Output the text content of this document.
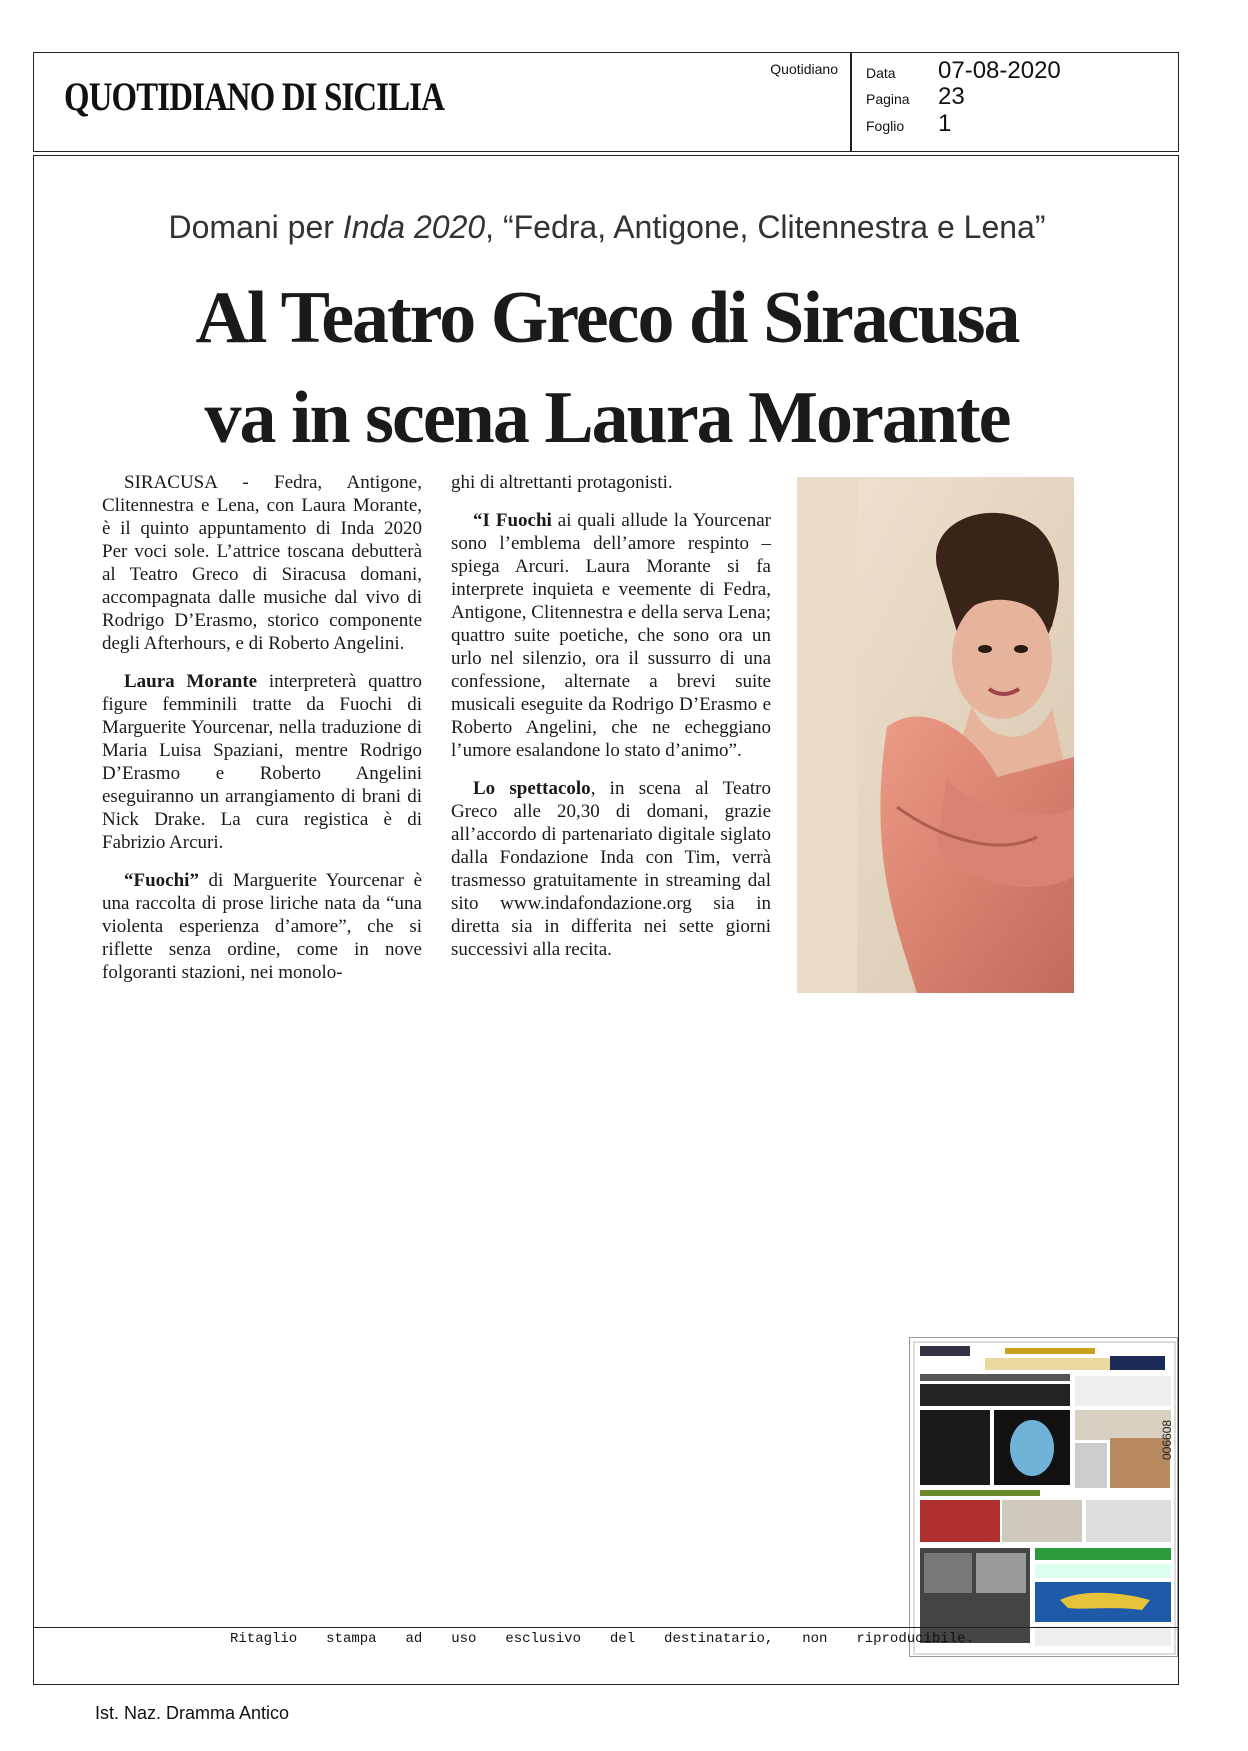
QUOTIDIANO DI SICILIA
Quotidiano Data 07-08-2020
Pagina 23
Foglio 1
Domani per Inda 2020, “Fedra, Antigone, Clitennestra e Lena”
Al Teatro Greco di Siracusa
va in scena Laura Morante

SIRACUSA - Fedra, Antigone, Clitennestra e Lena, con Laura Morante, è il quinto appuntamento di Inda 2020 Per voci sole. L’attrice toscana debutterà al Teatro Greco di Siracusa domani, accompagnata dalle musiche dal vivo di Rodrigo D’Erasmo, storico componente degli Afterhours, e di Roberto Angelini.

Laura Morante interpreterà quattro figure femminili tratte da Fuochi di Marguerite Yourcenar, nella traduzione di Maria Luisa Spaziani, mentre Rodrigo D’Erasmo e Roberto Angelini eseguiranno un arrangiamento di brani di Nick Drake. La cura registica è di Fabrizio Arcuri.

“Fuochi” di Marguerite Yourcenar è una raccolta di prose liriche nata da “una violenta esperienza d’amore”, che si riflette senza ordine, come in nove folgoranti stazioni, nei monolo-

ghi di altrettanti protagonisti.

“I Fuochi ai quali allude la Yourcenar sono l’emblema dell’amore respinto – spiega Arcuri. Laura Morante si fa interprete inquieta e veemente di Fedra, Antigone, Clitennestra e della serva Lena; quattro suite poetiche, che sono ora un urlo nel silenzio, ora il sussurro di una confessione, alternate a brevi suite musicali eseguite da Rodrigo D’Erasmo e Roberto Angelini, che ne echeggiano l’umore esalandone lo stato d’animo”.

Lo spettacolo, in scena al Teatro Greco alle 20,30 di domani, grazie all’accordo di partenariato digitale siglato dalla Fondazione Inda con Tim, verrà trasmesso gratuitamente in streaming dal sito www.indafondazione.org sia in diretta sia in differita nei sette giorni successivi alla recita.

006608
Ritaglio stampa ad uso esclusivo del destinatario, non riproducibile.
Ist. Naz. Dramma Antico
